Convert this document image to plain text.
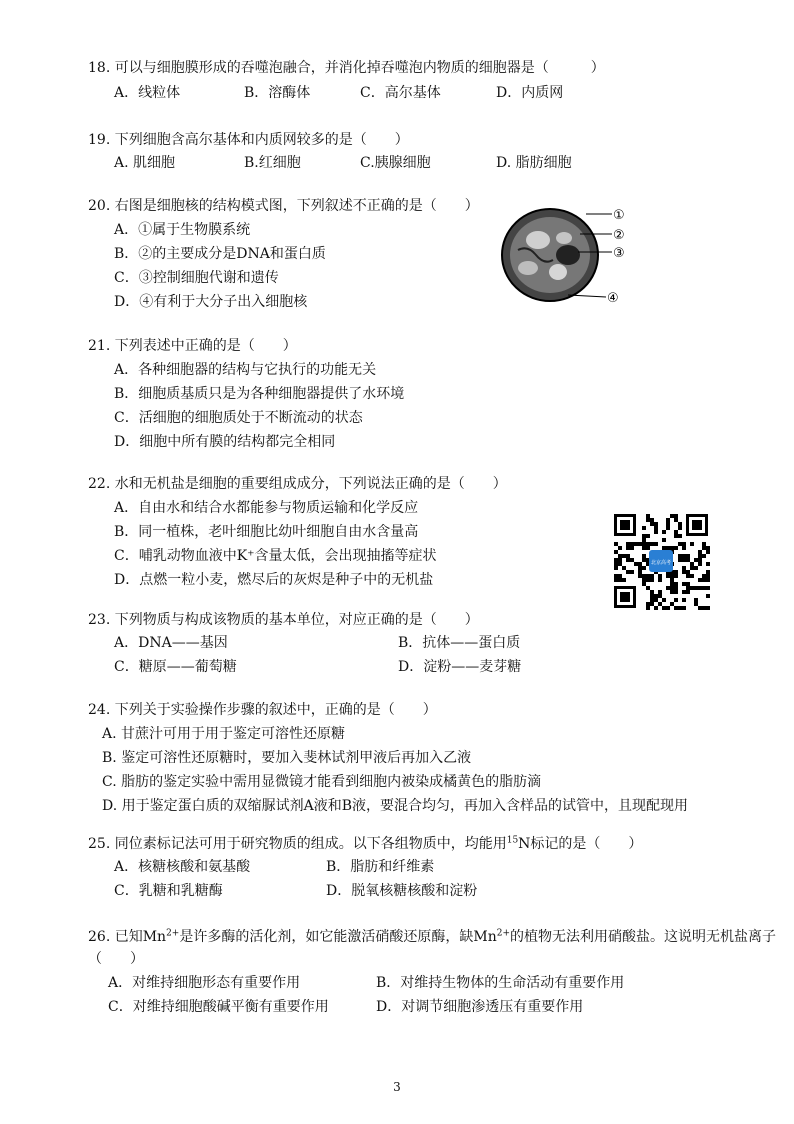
18. 可以与细胞膜形成的吞噬泡融合，并消化掉吞噬泡内物质的细胞器是（　　　）
A．线粒体	B．溶酶体	C．高尔基体	D．内质网
19. 下列细胞含高尔基体和内质网较多的是（　　）
A. 肌细胞	B.红细胞	C.胰腺细胞	D. 脂肪细胞
20. 右图是细胞核的结构模式图，下列叙述不正确的是（　　）
A．①属于生物膜系统
B．②的主要成分是DNA和蛋白质
C．③控制细胞代谢和遗传
D．④有利于大分子出入细胞核
①
②
③
④
21. 下列表述中正确的是（　　）
A．各种细胞器的结构与它执行的功能无关
B．细胞质基质只是为各种细胞器提供了水环境
C．活细胞的细胞质处于不断流动的状态
D．细胞中所有膜的结构都完全相同
22. 水和无机盐是细胞的重要组成成分，下列说法正确的是（　　）
A．自由水和结合水都能参与物质运输和化学反应
B．同一植株，老叶细胞比幼叶细胞自由水含量高
C．哺乳动物血液中K⁺含量太低，会出现抽搐等症状
D．点燃一粒小麦，燃尽后的灰烬是种子中的无机盐
北京高考
23. 下列物质与构成该物质的基本单位，对应正确的是（　　）
A．DNA——基因	B．抗体——蛋白质
C．糖原——葡萄糖	D．淀粉——麦芽糖
24. 下列关于实验操作步骤的叙述中，正确的是（　　）
A. 甘蔗汁可用于用于鉴定可溶性还原糖
B. 鉴定可溶性还原糖时，要加入斐林试剂甲液后再加入乙液
C. 脂肪的鉴定实验中需用显微镜才能看到细胞内被染成橘黄色的脂肪滴
D. 用于鉴定蛋白质的双缩脲试剂A液和B液，要混合均匀，再加入含样品的试管中，且现配现用
25. 同位素标记法可用于研究物质的组成。以下各组物质中，均能用$^{15}$N标记的是（　　）
A．核糖核酸和氨基酸	B．脂肪和纤维素
C．乳糖和乳糖酶	D．脱氧核糖核酸和淀粉
26. 已知$Mn^{2+}$是许多酶的活化剂，如它能激活硝酸还原酶，缺$Mn^{2+}$的植物无法利用硝酸盐。这说明无机盐离子（　　）
A．对维持细胞形态有重要作用	B．对维持生物体的生命活动有重要作用
C．对维持细胞酸碱平衡有重要作用	D．对调节细胞渗透压有重要作用
3
